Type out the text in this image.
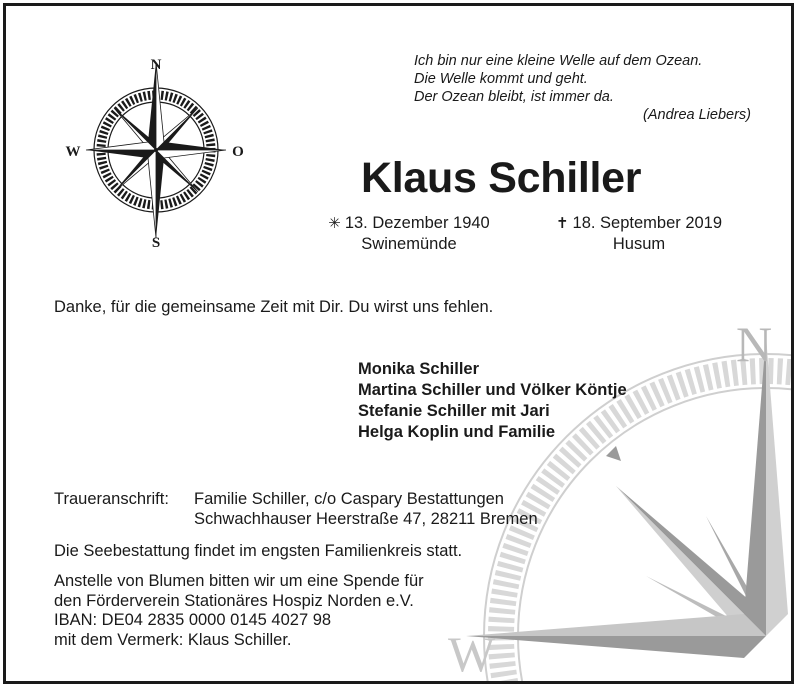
N
W
N
S
W	O
Ich bin nur eine kleine Welle auf dem Ozean.
Die Welle kommt und geht.
Der Ozean bleibt, ist immer da.
(Andrea Liebers)
Klaus Schiller
✳ 13. Dezember 1940
Swinemünde
✝ 18. September 2019
Husum
Danke, für die gemeinsame Zeit mit Dir. Du wirst uns fehlen.
Monika Schiller
Martina Schiller und Völker Köntje
Stefanie Schiller mit Jari
Helga Koplin und Familie
Traueranschrift: Familie Schiller, c/o Caspary Bestattungen
Schwachhauser Heerstraße 47, 28211 Bremen
Die Seebestattung findet im engsten Familienkreis statt.
Anstelle von Blumen bitten wir um eine Spende für
den Förderverein Stationäres Hospiz Norden e.V.
IBAN: DE04 2835 0000 0145 4027 98
mit dem Vermerk: Klaus Schiller.
